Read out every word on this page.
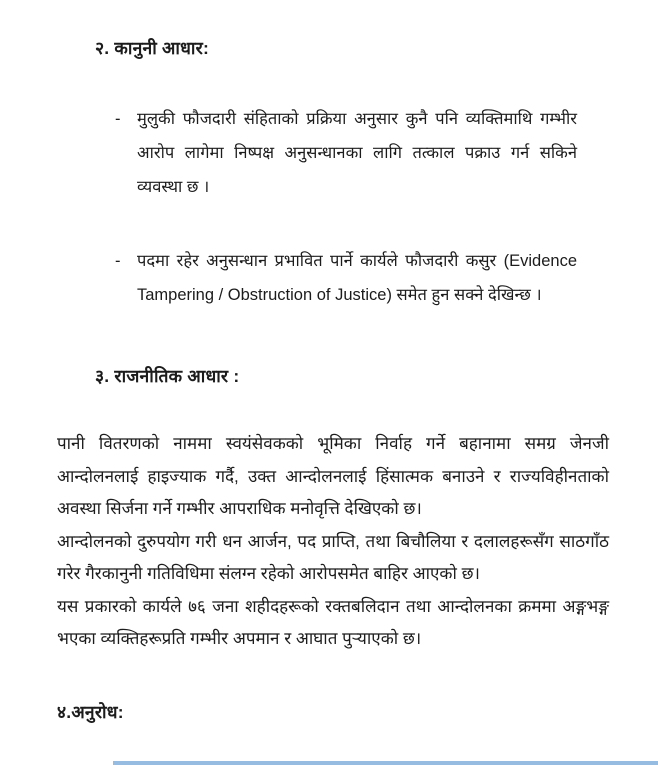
२. कानुनी आधार:
-	मुलुकी फौजदारी संहिताको प्रक्रिया अनुसार कुनै पनि व्यक्तिमाथि गम्भीर आरोप लागेमा निष्पक्ष अनुसन्धानका लागि तत्काल पक्राउ गर्न सकिने व्यवस्था छ ।
-	पदमा रहेर अनुसन्धान प्रभावित पार्ने कार्यले फौजदारी कसुर (Evidence Tampering / Obstruction of Justice) समेत हुन सक्ने देखिन्छ ।
३. राजनीतिक आधार :

पानी वितरणको नाममा स्वयंसेवकको भूमिका निर्वाह गर्ने बहानामा समग्र जेनजी आन्दोलनलाई हाइज्याक गर्दै, उक्त आन्दोलनलाई हिंसात्मक बनाउने र राज्यविहीनताको अवस्था सिर्जना गर्ने गम्भीर आपराधिक मनोवृत्ति देखिएको छ।

आन्दोलनको दुरुपयोग गरी धन आर्जन, पद प्राप्ति, तथा बिचौलिया र दलालहरूसँग साठगाँठ गरेर गैरकानुनी गतिविधिमा संलग्न रहेको आरोपसमेत बाहिर आएको छ।

यस प्रकारको कार्यले ७६ जना शहीदहरूको रक्तबलिदान तथा आन्दोलनका क्रममा अङ्गभङ्ग भएका व्यक्तिहरूप्रति गम्भीर अपमान र आघात पुऱ्याएको छ।

४.अनुरोध:
